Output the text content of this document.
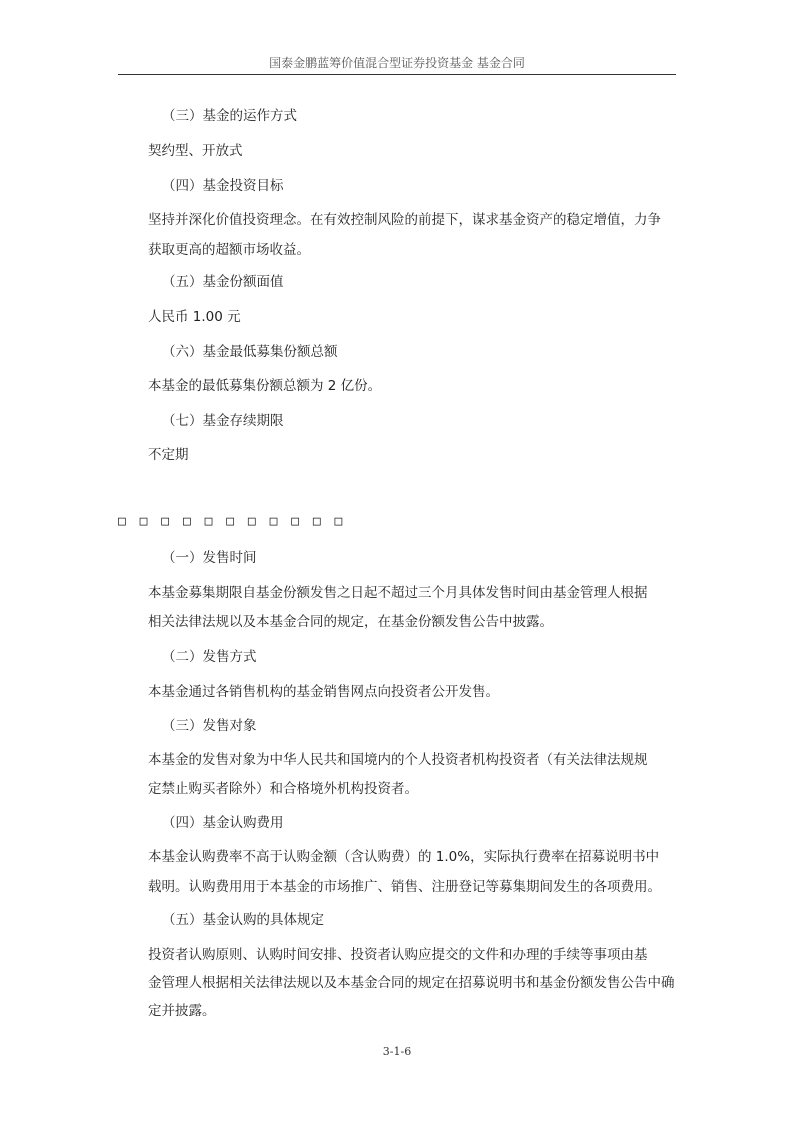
国泰金鹏蓝筹价值混合型证券投资基金 基金合同
（三）基金的运作方式
契约型、开放式
（四）基金投资目标
坚持并深化价值投资理念。在有效控制风险的前提下，谋求基金资产的稳定增值，力争
获取更高的超额市场收益。
（五）基金份额面值
人民币 1.00 元
（六）基金最低募集份额总额
本基金的最低募集份额总额为 2 亿份。
（七）基金存续期限
不定期
□ □ □ □ □ □ □ □ □ □ □
（一）发售时间
本基金募集期限自基金份额发售之日起不超过三个月具体发售时间由基金管理人根据
相关法律法规以及本基金合同的规定，在基金份额发售公告中披露。
（二）发售方式
本基金通过各销售机构的基金销售网点向投资者公开发售。
（三）发售对象
本基金的发售对象为中华人民共和国境内的个人投资者机构投资者（有关法律法规规
定禁止购买者除外）和合格境外机构投资者。
（四）基金认购费用
本基金认购费率不高于认购金额（含认购费）的 1.0%，实际执行费率在招募说明书中
载明。认购费用用于本基金的市场推广、销售、注册登记等募集期间发生的各项费用。
（五）基金认购的具体规定
投资者认购原则、认购时间安排、投资者认购应提交的文件和办理的手续等事项由基
金管理人根据相关法律法规以及本基金合同的规定在招募说明书和基金份额发售公告中确
定并披露。
3-1-6
